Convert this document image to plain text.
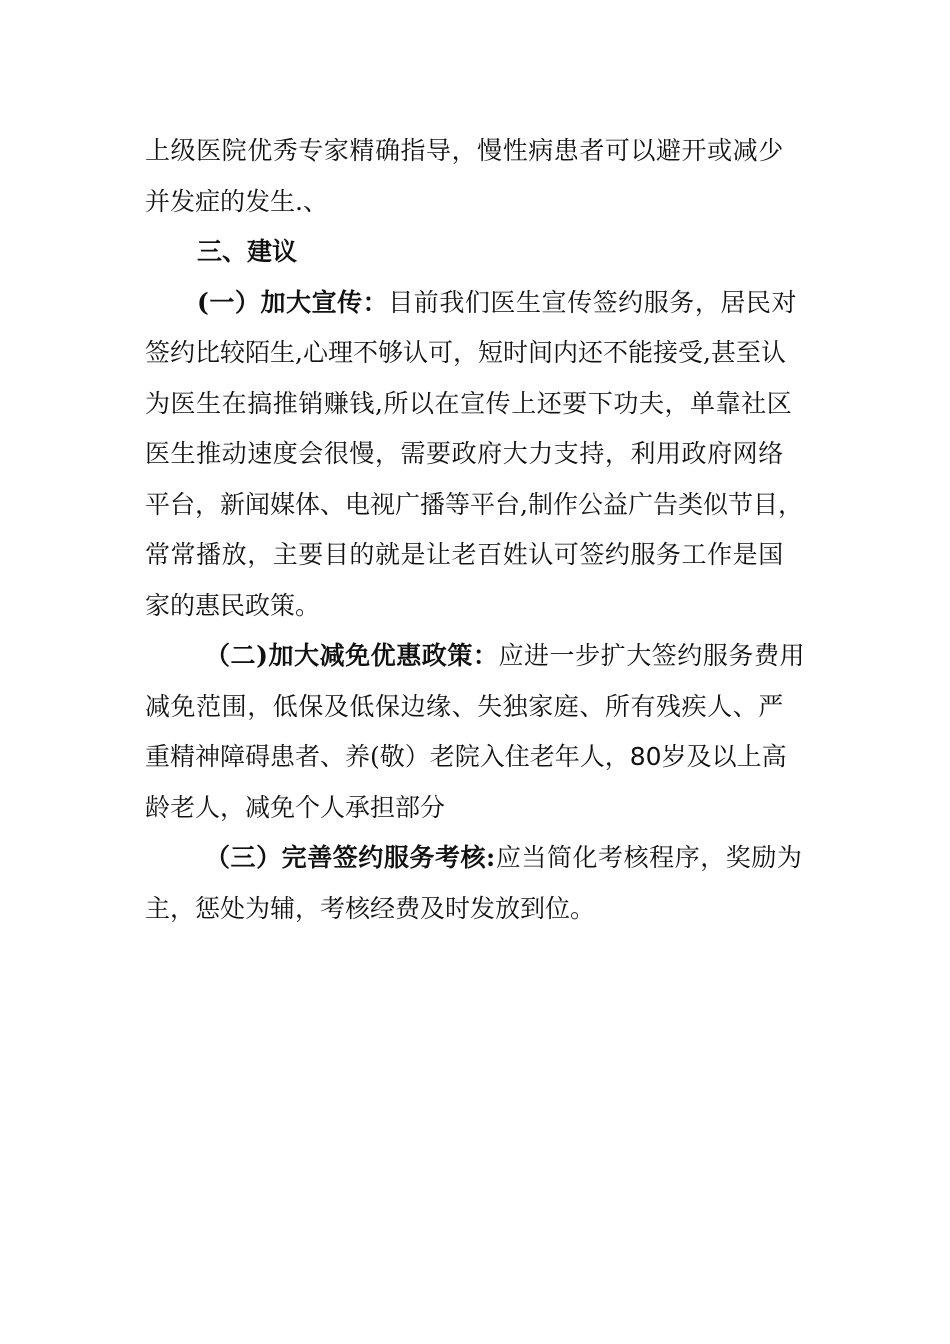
上级医院优秀专家精确指导，慢性病患者可以避开或减少
并发症的发生.、
三、建议
(一）加大宣传：目前我们医生宣传签约服务，居民对
签约比较陌生,心理不够认可，短时间内还不能接受,甚至认
为医生在搞推销赚钱,所以在宣传上还要下功夫，单靠社区
医生推动速度会很慢，需要政府大力支持，利用政府网络
平台，新闻媒体、电视广播等平台,制作公益广告类似节目，
常常播放，主要目的就是让老百姓认可签约服务工作是国
家的惠民政策。
（二)加大减免优惠政策：应进一步扩大签约服务费用
减免范围，低保及低保边缘、失独家庭、所有残疾人、严
重精神障碍患者、养(敬）老院入住老年人，80岁及以上高
龄老人，减免个人承担部分
（三）完善签约服务考核:应当简化考核程序，奖励为
主，惩处为辅，考核经费及时发放到位。
